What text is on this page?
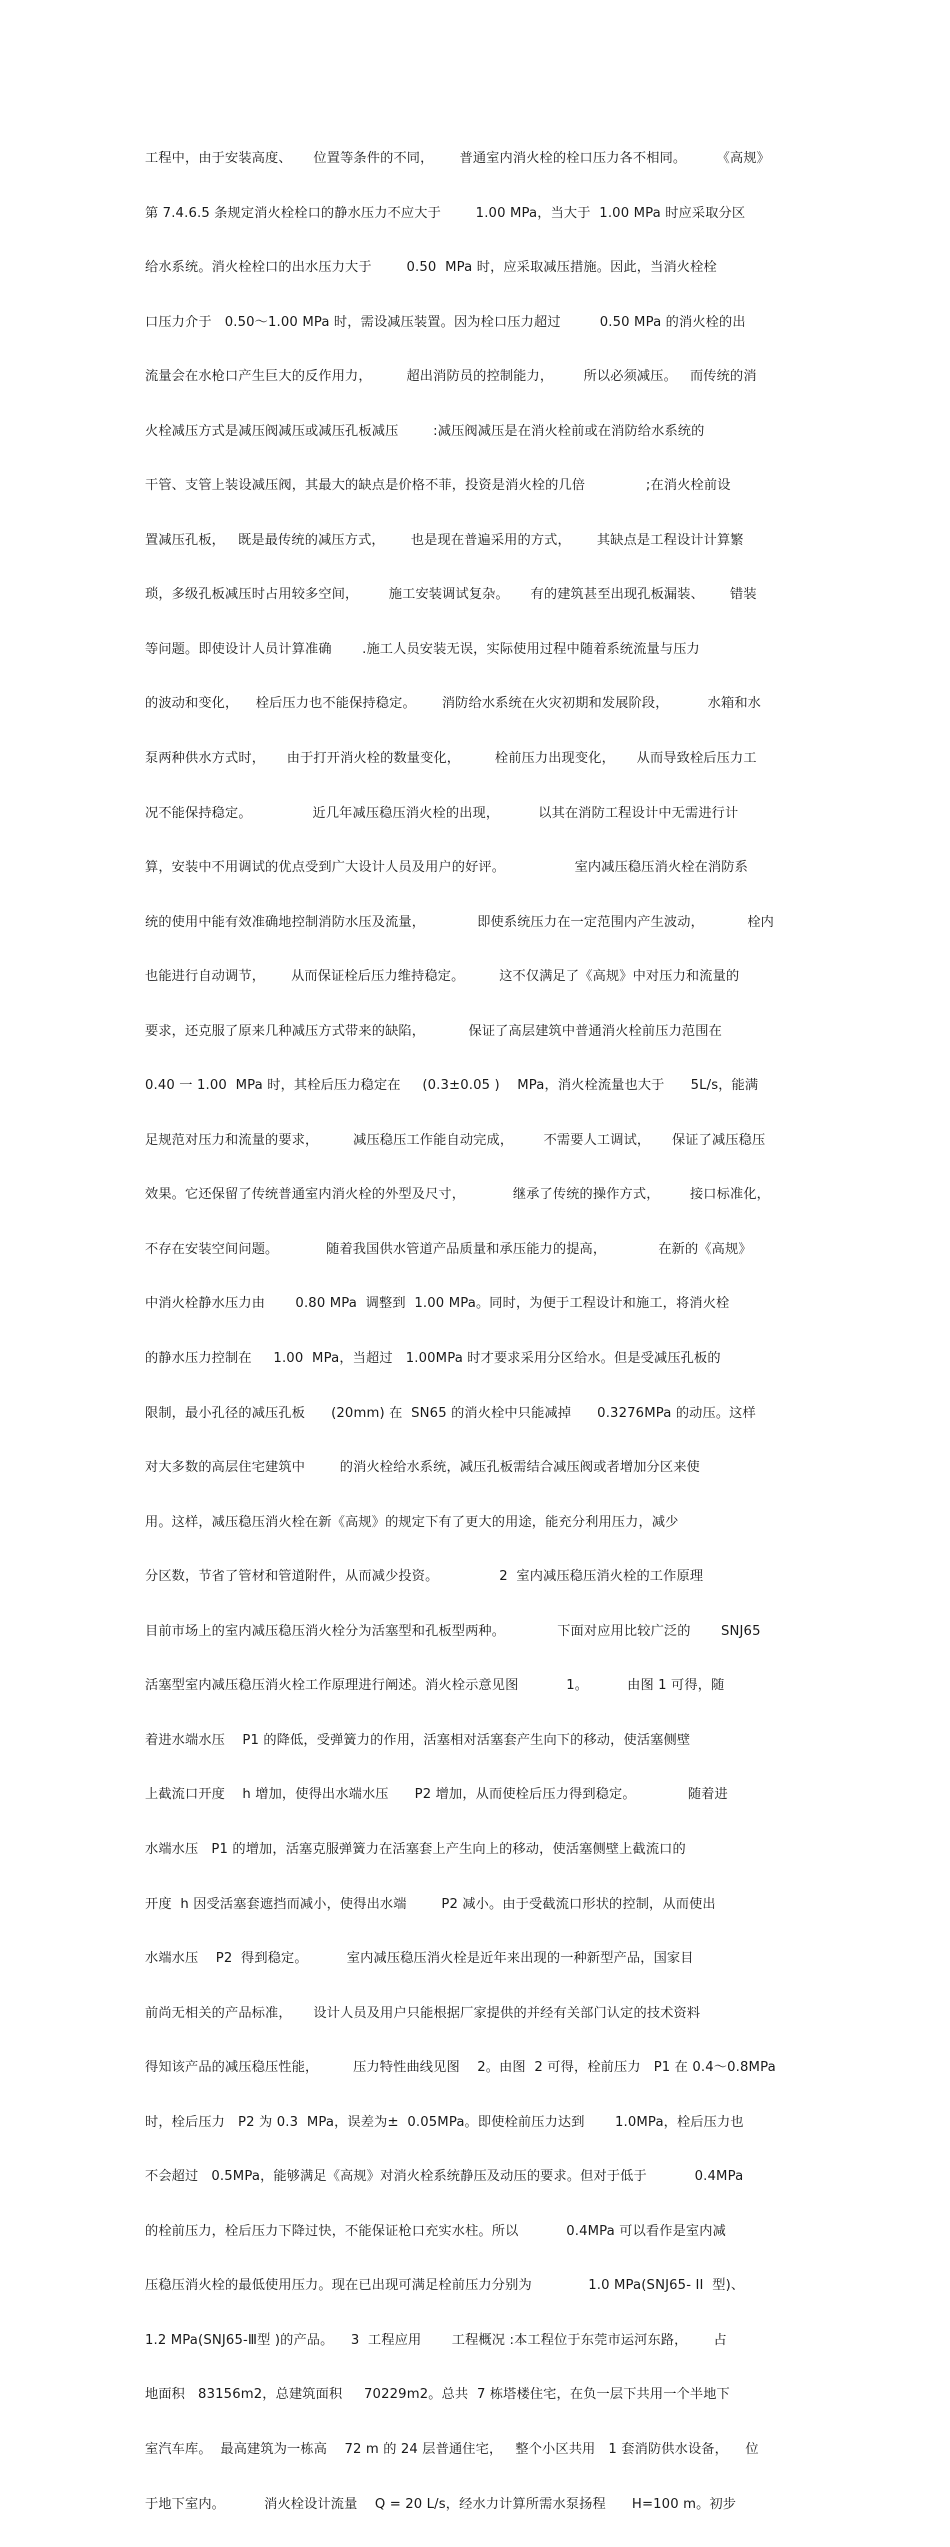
工程中，由于安装高度、     位置等条件的不同，      普通室内消火栓的栓口压力各不相同。       《高规》

第 7.4.6.5 条规定消火栓栓口的静水压力不应大于        1.00 MPa，当大于  1.00 MPa 时应采取分区

给水系统。消火栓栓口的出水压力大于        0.50  MPa 时，应采取减压措施。因此，当消火栓栓

口压力介于   0.50～1.00 MPa 时，需设减压装置。因为栓口压力超过         0.50 MPa 的消火栓的出

流量会在水枪口产生巨大的反作用力，        超出消防员的控制能力，       所以必须减压。   而传统的消

火栓减压方式是减压阀减压或减压孔板减压        :减压阀减压是在消火栓前或在消防给水系统的

干管、支管上装设减压阀，其最大的缺点是价格不菲，投资是消火栓的几倍              ;在消火栓前设

置减压孔板，   既是最传统的减压方式，      也是现在普遍采用的方式，      其缺点是工程设计计算繁

琐，多级孔板减压时占用较多空间，       施工安装调试复杂。     有的建筑甚至出现孔板漏装、      错装

等问题。即使设计人员计算准确       .施工人员安装无误，实际使用过程中随着系统流量与压力

的波动和变化，    栓后压力也不能保持稳定。      消防给水系统在火灾初期和发展阶段，         水箱和水

泵两种供水方式时，     由于打开消火栓的数量变化，        栓前压力出现变化，     从而导致栓后压力工

况不能保持稳定。              近几年减压稳压消火栓的出现，         以其在消防工程设计中无需进行计

算，安装中不用调试的优点受到广大设计人员及用户的好评。                室内减压稳压消火栓在消防系

统的使用中能有效准确地控制消防水压及流量，            即使系统压力在一定范围内产生波动，          栓内

也能进行自动调节，      从而保证栓后压力维持稳定。        这不仅满足了《高规》中对压力和流量的

要求，还克服了原来几种减压方式带来的缺陷，          保证了高层建筑中普通消火栓前压力范围在

0.40 一 1.00  MPa 时，其栓后压力稳定在     (0.3±0.05 )    MPa，消火栓流量也大于      5L/s，能满

足规范对压力和流量的要求，        减压稳压工作能自动完成，       不需要人工调试，     保证了减压稳压

效果。它还保留了传统普通室内消火栓的外型及尺寸，           继承了传统的操作方式，       接口标准化，

不存在安装空间问题。           随着我国供水管道产品质量和承压能力的提高，            在新的《高规》

中消火栓静水压力由       0.80 MPa  调整到  1.00 MPa。同时，为便于工程设计和施工，将消火栓

的静水压力控制在     1.00  MPa，当超过   1.00MPa 时才要求采用分区给水。但是受减压孔板的

限制，最小孔径的减压孔板      (20mm) 在  SN65 的消火栓中只能减掉      0.3276MPa 的动压。这样

对大多数的高层住宅建筑中        的消火栓给水系统，减压孔板需结合减压阀或者增加分区来使

用。这样，减压稳压消火栓在新《高规》的规定下有了更大的用途，能充分利用压力，减少

分区数，节省了管材和管道附件，从而减少投资。              2  室内减压稳压消火栓的工作原理

目前市场上的室内减压稳压消火栓分为活塞型和孔板型两种。            下面对应用比较广泛的       SNJ65

活塞型室内减压稳压消火栓工作原理进行阐述。消火栓示意见图           1。         由图 1 可得，随

着进水端水压    P1 的降低，受弹簧力的作用，活塞相对活塞套产生向下的移动，使活塞侧壁

上截流口开度    h 增加，使得出水端水压      P2 增加，从而使栓后压力得到稳定。            随着进

水端水压   P1 的增加，活塞克服弹簧力在活塞套上产生向上的移动，使活塞侧壁上截流口的

开度  h 因受活塞套遮挡而减小，使得出水端        P2 减小。由于受截流口形状的控制，从而使出

水端水压    P2  得到稳定。         室内减压稳压消火栓是近年来出现的一种新型产品，国家目

前尚无相关的产品标准，     设计人员及用户只能根据厂家提供的并经有关部门认定的技术资料

得知该产品的减压稳压性能，        压力特性曲线见图    2。由图  2 可得，栓前压力   P1 在 0.4～0.8MPa

时，栓后压力   P2 为 0.3  MPa，误差为±  0.05MPa。即使栓前压力达到       1.0MPa，栓后压力也

不会超过   0.5MPa，能够满足《高规》对消火栓系统静压及动压的要求。但对于低于           0.4MPa

的栓前压力，栓后压力下降过快，不能保证枪口充实水柱。所以           0.4MPa 可以看作是室内减

压稳压消火栓的最低使用压力。现在已出现可满足栓前压力分别为             1.0 MPa(SNJ65- II  型)、

1.2 MPa(SNJ65-Ⅲ型 )的产品。    3  工程应用       工程概况 :本工程位于东莞市运河东路，      占

地面积   83156m2，总建筑面积     70229m2。总共  7 栋塔楼住宅，在负一层下共用一个半地下

室汽车库。  最高建筑为一栋高    72 m 的 24 层普通住宅，   整个小区共用   1 套消防供水设备，    位

于地下室内。         消火栓设计流量    Q = 20 L/s，经水力计算所需水泵扬程      H=100 m。初步
